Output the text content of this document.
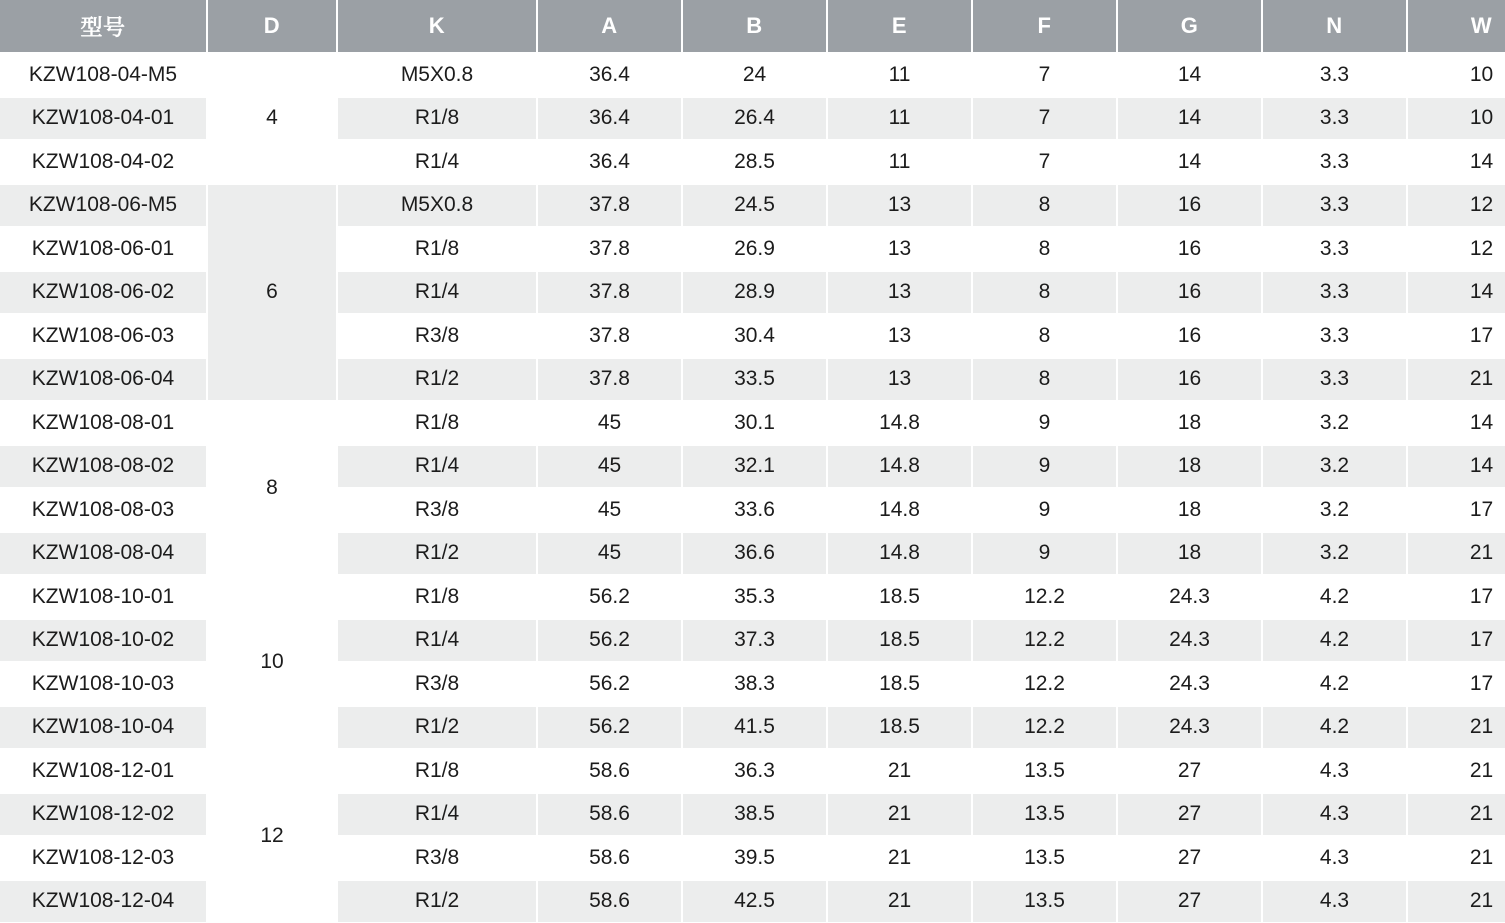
型号	D	K	A	B	E	F	G	N	W
KZW108-04-M5	4	M5X0.8	36.4	24	11	7	14	3.3	10
KZW108-04-01		R1/8	36.4	26.4	11	7	14	3.3	10
KZW108-04-02		R1/4	36.4	28.5	11	7	14	3.3	14
KZW108-06-M5	6	M5X0.8	37.8	24.5	13	8	16	3.3	12
KZW108-06-01		R1/8	37.8	26.9	13	8	16	3.3	12
KZW108-06-02		R1/4	37.8	28.9	13	8	16	3.3	14
KZW108-06-03		R3/8	37.8	30.4	13	8	16	3.3	17
KZW108-06-04		R1/2	37.8	33.5	13	8	16	3.3	21
KZW108-08-01	8	R1/8	45	30.1	14.8	9	18	3.2	14
KZW108-08-02		R1/4	45	32.1	14.8	9	18	3.2	14
KZW108-08-03		R3/8	45	33.6	14.8	9	18	3.2	17
KZW108-08-04		R1/2	45	36.6	14.8	9	18	3.2	21
KZW108-10-01	10	R1/8	56.2	35.3	18.5	12.2	24.3	4.2	17
KZW108-10-02		R1/4	56.2	37.3	18.5	12.2	24.3	4.2	17
KZW108-10-03		R3/8	56.2	38.3	18.5	12.2	24.3	4.2	17
KZW108-10-04		R1/2	56.2	41.5	18.5	12.2	24.3	4.2	21
KZW108-12-01	12	R1/8	58.6	36.3	21	13.5	27	4.3	21
KZW108-12-02		R1/4	58.6	38.5	21	13.5	27	4.3	21
KZW108-12-03		R3/8	58.6	39.5	21	13.5	27	4.3	21
KZW108-12-04		R1/2	58.6	42.5	21	13.5	27	4.3	21
